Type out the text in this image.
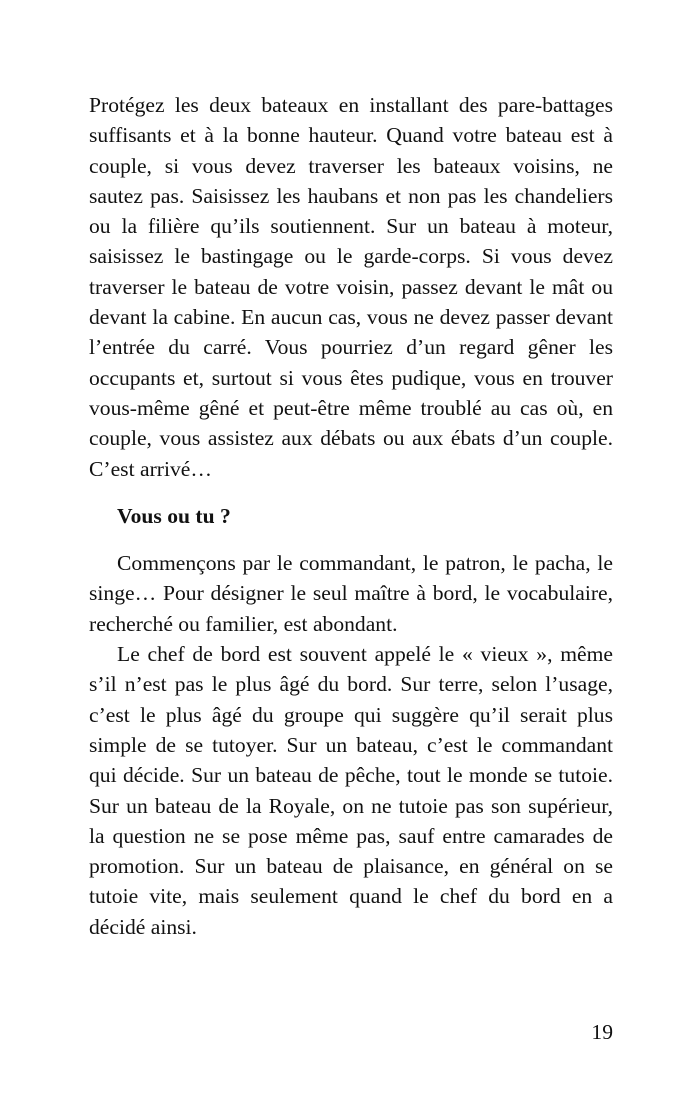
Protégez les deux bateaux en installant des pare-battages suffisants et à la bonne hauteur. Quand votre bateau est à couple, si vous devez traverser les bateaux voisins, ne sautez pas. Saisissez les haubans et non pas les chandeliers ou la filière qu’ils soutiennent. Sur un bateau à moteur, saisissez le bastingage ou le garde-corps. Si vous devez traverser le bateau de votre voisin, passez devant le mât ou devant la cabine. En aucun cas, vous ne devez passer devant l’entrée du carré. Vous pourriez d’un regard gêner les occupants et, surtout si vous êtes pudique, vous en trouver vous-même gêné et peut-être même troublé au cas où, en couple, vous assistez aux débats ou aux ébats d’un couple. C’est arrivé…

Vous ou tu ?

Commençons par le commandant, le patron, le pacha, le singe… Pour désigner le seul maître à bord, le vocabulaire, recherché ou familier, est abondant.

Le chef de bord est souvent appelé le « vieux », même s’il n’est pas le plus âgé du bord. Sur terre, selon l’usage, c’est le plus âgé du groupe qui suggère qu’il serait plus simple de se tutoyer. Sur un bateau, c’est le commandant qui décide. Sur un bateau de pêche, tout le monde se tutoie. Sur un bateau de la Royale, on ne tutoie pas son supérieur, la question ne se pose même pas, sauf entre camarades de promotion. Sur un bateau de plaisance, en général on se tutoie vite, mais seulement quand le chef du bord en a décidé ainsi.

19
